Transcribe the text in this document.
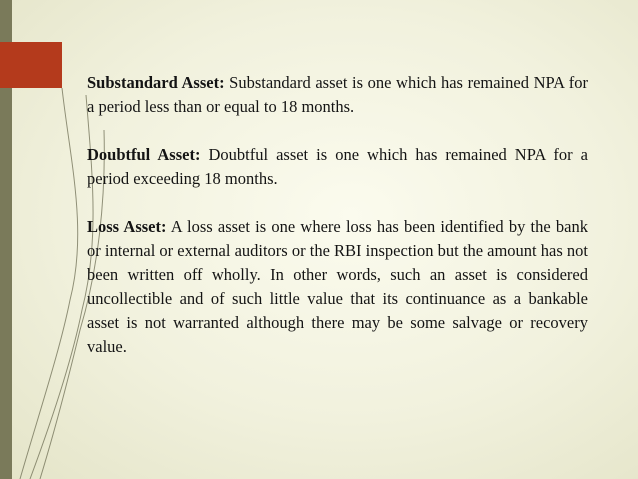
Substandard Asset: Substandard asset is one which has remained NPA for a period less than or equal to 18 months.

Doubtful Asset: Doubtful asset is one which has remained NPA for a period exceeding 18 months.

Loss Asset: A loss asset is one where loss has been identified by the bank or internal or external auditors or the RBI inspection but the amount has not been written off wholly. In other words, such an asset is considered uncollectible and of such little value that its continuance as a bankable asset is not warranted although there may be some salvage or recovery value.
